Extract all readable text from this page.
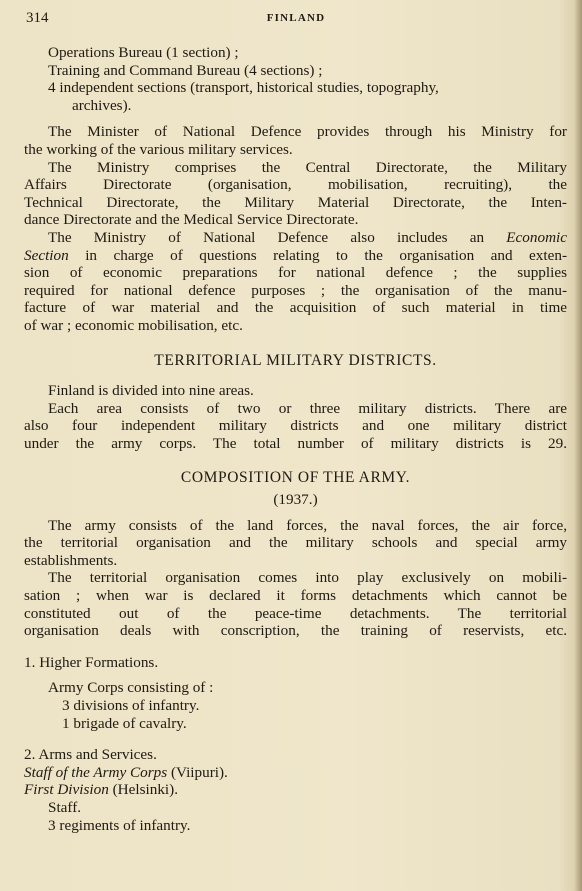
314	FINLAND
Operations Bureau (1 section) ;
Training and Command Bureau (4 sections) ;
4 independent sections (transport, historical studies, topography,
archives).
The Minister of National Defence provides through his Ministry for
the working of the various military services.
The Ministry comprises the Central Directorate, the Military
Affairs Directorate (organisation, mobilisation, recruiting), the
Technical Directorate, the Military Material Directorate, the Inten-
dance Directorate and the Medical Service Directorate.
The Ministry of National Defence also includes an Economic
Section in charge of questions relating to the organisation and exten-
sion of economic preparations for national defence ; the supplies
required for national defence purposes ; the organisation of the manu-
facture of war material and the acquisition of such material in time
of war ; economic mobilisation, etc.
TERRITORIAL MILITARY DISTRICTS.
Finland is divided into nine areas.
Each area consists of two or three military districts. There are
also four independent military districts and one military district
under the army corps. The total number of military districts is 29.
COMPOSITION OF THE ARMY.
(1937.)
The army consists of the land forces, the naval forces, the air force,
the territorial organisation and the military schools and special army
establishments.
The territorial organisation comes into play exclusively on mobili-
sation ; when war is declared it forms detachments which cannot be
constituted out of the peace-time detachments. The territorial
organisation deals with conscription, the training of reservists, etc.
1. Higher Formations.
Army Corps consisting of :
3 divisions of infantry.
1 brigade of cavalry.
2. Arms and Services.
Staff of the Army Corps (Viipuri).
First Division (Helsinki).
Staff.
3 regiments of infantry.
